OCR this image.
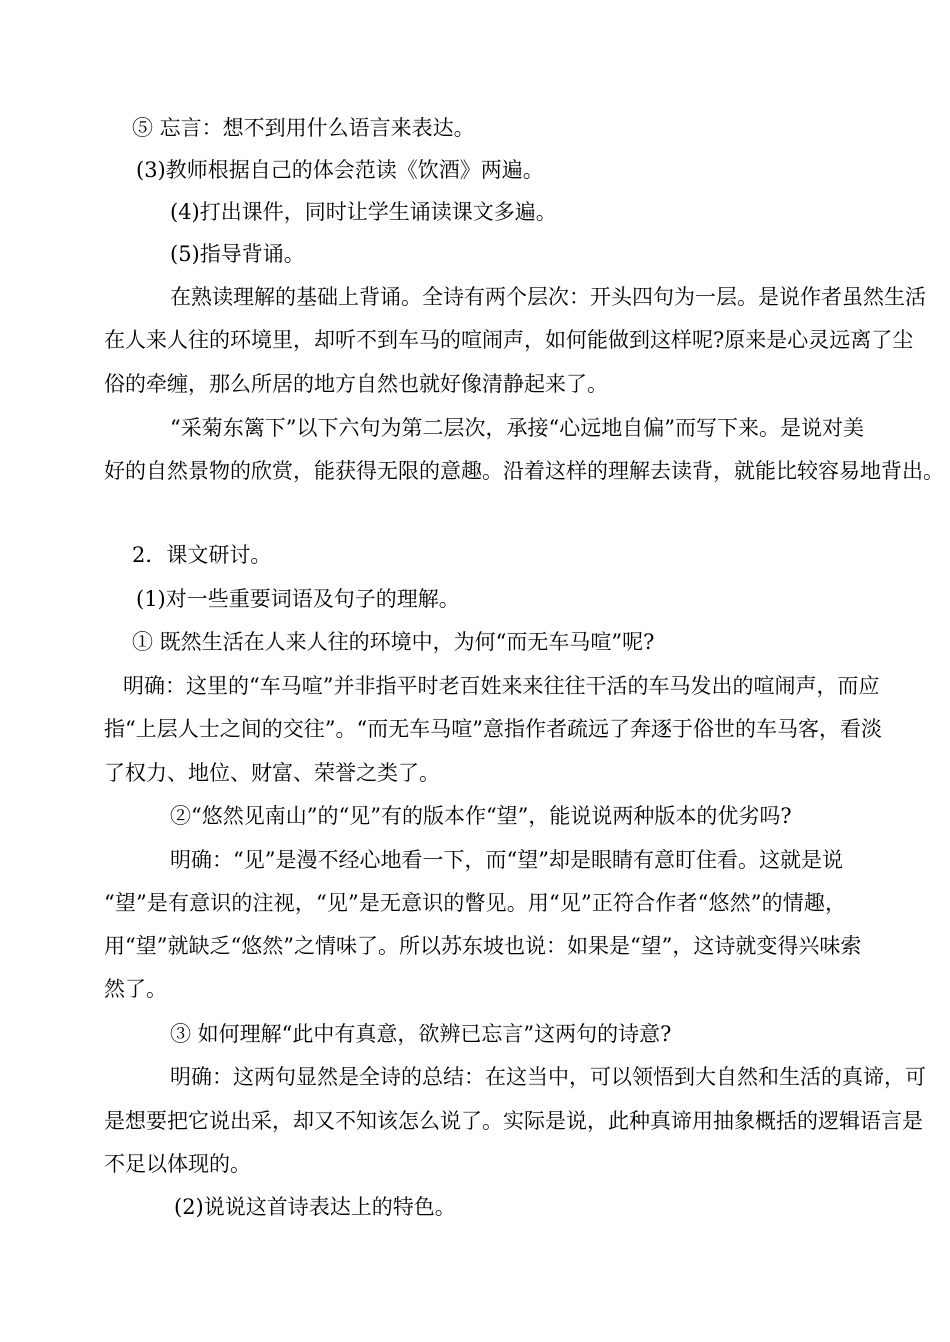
⑤ 忘言：想不到用什么语言来表达。
(3)教师根据自己的体会范读《饮酒》两遍。
(4)打出课件，同时让学生诵读课文多遍。
(5)指导背诵。
在熟读理解的基础上背诵。全诗有两个层次：开头四句为一层。是说作者虽然生活
在人来人往的环境里，却听不到车马的喧闹声，如何能做到这样呢?原来是心灵远离了尘
俗的牵缠，那么所居的地方自然也就好像清静起来了。
“采菊东篱下”以下六句为第二层次，承接“心远地自偏”而写下来。是说对美
好的自然景物的欣赏，能获得无限的意趣。沿着这样的理解去读背，就能比较容易地背出。
2．课文研讨。
(1)对一些重要词语及句子的理解。
① 既然生活在人来人往的环境中，为何“而无车马喧”呢?
明确：这里的“车马喧”并非指平时老百姓来来往往干活的车马发出的喧闹声，而应
指“上层人士之间的交往”。“而无车马喧”意指作者疏远了奔逐于俗世的车马客，看淡
了权力、地位、财富、荣誉之类了。
②“悠然见南山”的“见”有的版本作“望”，能说说两种版本的优劣吗?
明确：“见”是漫不经心地看一下，而“望”却是眼睛有意盯住看。这就是说
“望”是有意识的注视，“见”是无意识的瞥见。用“见”正符合作者“悠然”的情趣，
用“望”就缺乏“悠然”之情味了。所以苏东坡也说：如果是“望”，这诗就变得兴味索
然了。
③ 如何理解“此中有真意，欲辨已忘言”这两句的诗意?
明确：这两句显然是全诗的总结：在这当中，可以领悟到大自然和生活的真谛，可
是想要把它说出采，却又不知该怎么说了。实际是说，此种真谛用抽象概括的逻辑语言是
不足以体现的。
(2)说说这首诗表达上的特色。
